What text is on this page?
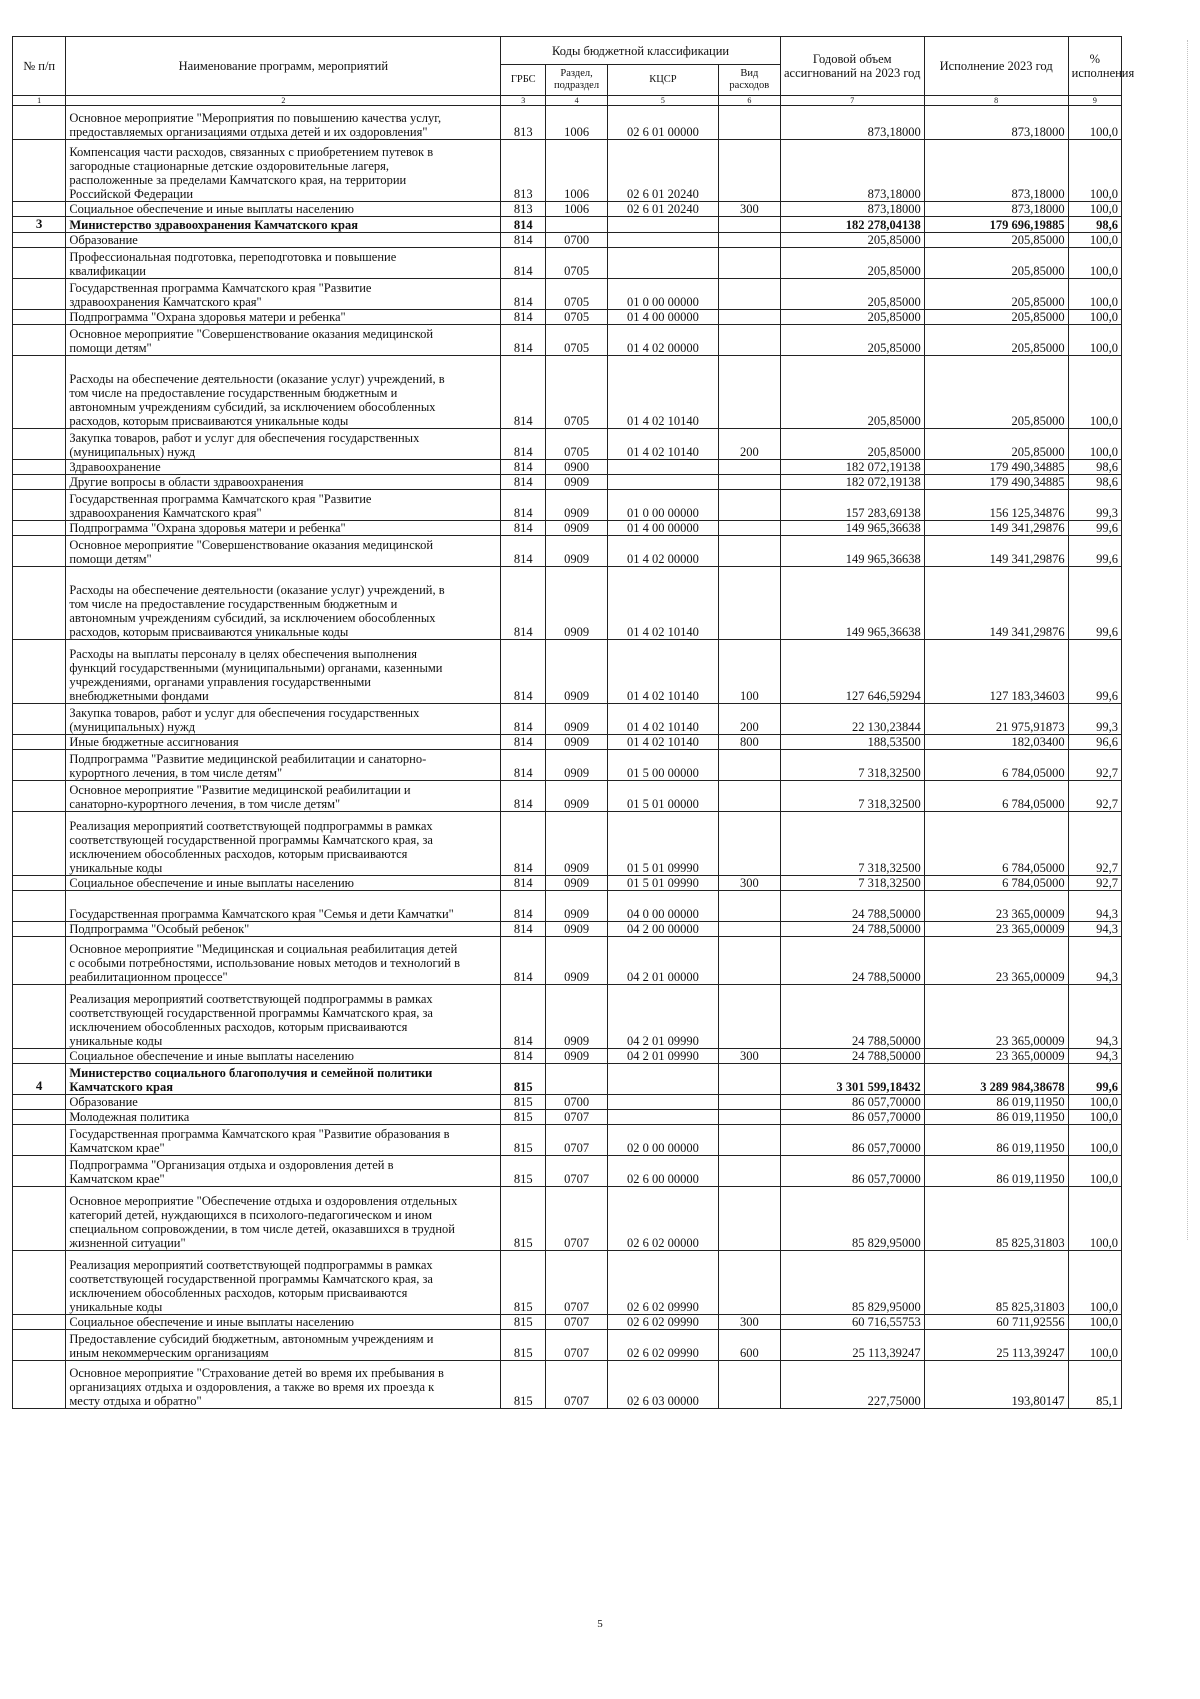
№ п/п	Наименование программ, мероприятий	Коды бюджетной классификации				Годовой объем ассигнований на 2023 год	Исполнение 2023 год	% исполнения
		ГРБС	Раздел, подраздел	КЦСР	Вид расходов			
1	2	3	4	5	6	7	8	9
	Основное мероприятие "Мероприятия по повышению качества услуг,
предоставляемых организациями отдыха детей и их оздоровления"	813	1006	02 6 01 00000		873,18000	873,18000	100,0
	Компенсация части расходов, связанных с приобретением путевок в
загородные стационарные детские оздоровительные лагеря,
расположенные за пределами Камчатского края, на территории
Российской Федерации	813	1006	02 6 01 20240		873,18000	873,18000	100,0
	Социальное обеспечение и иные выплаты населению	813	1006	02 6 01 20240	300	873,18000	873,18000	100,0
3	Министерство здравоохранения Камчатского края	814				182 278,04138	179 696,19885	98,6
	Образование	814	0700			205,85000	205,85000	100,0
	Профессиональная подготовка, переподготовка и повышение
квалификации	814	0705			205,85000	205,85000	100,0
	Государственная программа Камчатского края "Развитие
здравоохранения Камчатского края"	814	0705	01 0 00 00000		205,85000	205,85000	100,0
	Подпрограмма "Охрана здоровья матери и ребенка"	814	0705	01 4 00 00000		205,85000	205,85000	100,0
	Основное мероприятие "Совершенствование оказания медицинской
помощи детям"	814	0705	01 4 02 00000		205,85000	205,85000	100,0
	Расходы на обеспечение деятельности (оказание услуг) учреждений, в
том числе на предоставление государственным бюджетным и
автономным учреждениям субсидий, за исключением обособленных
расходов, которым присваиваются уникальные коды	814	0705	01 4 02 10140		205,85000	205,85000	100,0
	Закупка товаров, работ и услуг для обеспечения государственных
(муниципальных) нужд	814	0705	01 4 02 10140	200	205,85000	205,85000	100,0
	Здравоохранение	814	0900			182 072,19138	179 490,34885	98,6
	Другие вопросы в области здравоохранения	814	0909			182 072,19138	179 490,34885	98,6
	Государственная программа Камчатского края "Развитие
здравоохранения Камчатского края"	814	0909	01 0 00 00000		157 283,69138	156 125,34876	99,3
	Подпрограмма "Охрана здоровья матери и ребенка"	814	0909	01 4 00 00000		149 965,36638	149 341,29876	99,6
	Основное мероприятие "Совершенствование оказания медицинской
помощи детям"	814	0909	01 4 02 00000		149 965,36638	149 341,29876	99,6
	Расходы на обеспечение деятельности (оказание услуг) учреждений, в
том числе на предоставление государственным бюджетным и
автономным учреждениям субсидий, за исключением обособленных
расходов, которым присваиваются уникальные коды	814	0909	01 4 02 10140		149 965,36638	149 341,29876	99,6
	Расходы на выплаты персоналу в целях обеспечения выполнения
функций государственными (муниципальными) органами, казенными
учреждениями, органами управления государственными
внебюджетными фондами	814	0909	01 4 02 10140	100	127 646,59294	127 183,34603	99,6
	Закупка товаров, работ и услуг для обеспечения государственных
(муниципальных) нужд	814	0909	01 4 02 10140	200	22 130,23844	21 975,91873	99,3
	Иные бюджетные ассигнования	814	0909	01 4 02 10140	800	188,53500	182,03400	96,6
	Подпрограмма "Развитие медицинской реабилитации и санаторно-
курортного лечения, в том числе детям"	814	0909	01 5 00 00000		7 318,32500	6 784,05000	92,7
	Основное мероприятие "Развитие медицинской реабилитации и
санаторно-курортного лечения, в том числе детям"	814	0909	01 5 01 00000		7 318,32500	6 784,05000	92,7
	Реализация мероприятий соответствующей подпрограммы в рамках
соответствующей государственной программы Камчатского края, за
исключением обособленных расходов, которым присваиваются
уникальные коды	814	0909	01 5 01 09990		7 318,32500	6 784,05000	92,7
	Социальное обеспечение и иные выплаты населению	814	0909	01 5 01 09990	300	7 318,32500	6 784,05000	92,7
	Государственная программа Камчатского края "Семья и дети Камчатки"	814	0909	04 0 00 00000		24 788,50000	23 365,00009	94,3
	Подпрограмма "Особый ребенок"	814	0909	04 2 00 00000		24 788,50000	23 365,00009	94,3
	Основное мероприятие "Медицинская и социальная реабилитация детей
с особыми потребностями, использование новых методов и технологий в
реабилитационном процессе"	814	0909	04 2 01 00000		24 788,50000	23 365,00009	94,3
	Реализация мероприятий соответствующей подпрограммы в рамках
соответствующей государственной программы Камчатского края, за
исключением обособленных расходов, которым присваиваются
уникальные коды	814	0909	04 2 01 09990		24 788,50000	23 365,00009	94,3
	Социальное обеспечение и иные выплаты населению	814	0909	04 2 01 09990	300	24 788,50000	23 365,00009	94,3
4	Министерство социального благополучия и семейной политики
Камчатского края	815				3 301 599,18432	3 289 984,38678	99,6
	Образование	815	0700			86 057,70000	86 019,11950	100,0
	Молодежная политика	815	0707			86 057,70000	86 019,11950	100,0
	Государственная программа Камчатского края "Развитие образования в
Камчатском крае"	815	0707	02 0 00 00000		86 057,70000	86 019,11950	100,0
	Подпрограмма "Организация отдыха и оздоровления детей в
Камчатском крае"	815	0707	02 6 00 00000		86 057,70000	86 019,11950	100,0
	Основное мероприятие "Обеспечение отдыха и оздоровления отдельных
категорий детей, нуждающихся в психолого-педагогическом и ином
специальном сопровождении, в том числе детей, оказавшихся в трудной
жизненной ситуации"	815	0707	02 6 02 00000		85 829,95000	85 825,31803	100,0
	Реализация мероприятий соответствующей подпрограммы в рамках
соответствующей государственной программы Камчатского края, за
исключением обособленных расходов, которым присваиваются
уникальные коды	815	0707	02 6 02 09990		85 829,95000	85 825,31803	100,0
	Социальное обеспечение и иные выплаты населению	815	0707	02 6 02 09990	300	60 716,55753	60 711,92556	100,0
	Предоставление субсидий бюджетным, автономным учреждениям и
иным некоммерческим организациям	815	0707	02 6 02 09990	600	25 113,39247	25 113,39247	100,0
	Основное мероприятие "Страхование детей во время их пребывания в
организациях отдыха и оздоровления, а также во время их проезда к
месту отдыха и обратно"	815	0707	02 6 03 00000		227,75000	193,80147	85,1
5
